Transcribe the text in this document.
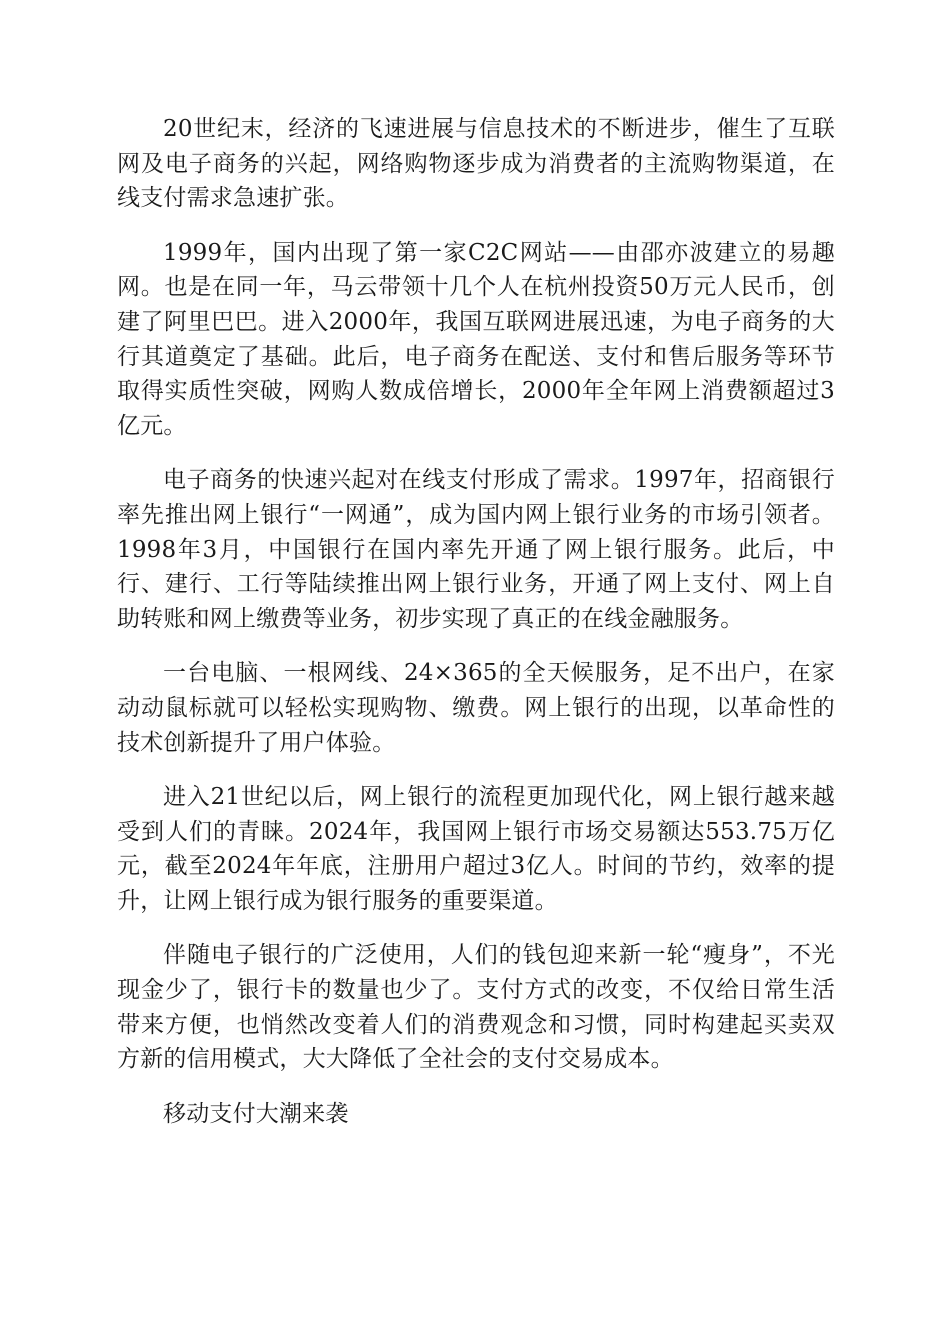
20世纪末，经济的飞速进展与信息技术的不断进步，催生了互联网及电子商务的兴起，网络购物逐步成为消费者的主流购物渠道，在线支付需求急速扩张。

1999年，国内出现了第一家C2C网站——由邵亦波建立的易趣网。也是在同一年，马云带领十几个人在杭州投资50万元人民币，创建了阿里巴巴。进入2000年，我国互联网进展迅速，为电子商务的大行其道奠定了基础。此后，电子商务在配送、支付和售后服务等环节取得实质性突破，网购人数成倍增长，2000年全年网上消费额超过3亿元。

电子商务的快速兴起对在线支付形成了需求。1997年，招商银行率先推出网上银行“一网通”，成为国内网上银行业务的市场引领者。1998年3月，中国银行在国内率先开通了网上银行服务。此后，中行、建行、工行等陆续推出网上银行业务，开通了网上支付、网上自助转账和网上缴费等业务，初步实现了真正的在线金融服务。

一台电脑、一根网线、24×365的全天候服务，足不出户，在家动动鼠标就可以轻松实现购物、缴费。网上银行的出现，以革命性的技术创新提升了用户体验。

进入21世纪以后，网上银行的流程更加现代化，网上银行越来越受到人们的青睐。2024年，我国网上银行市场交易额达553.75万亿元，截至2024年年底，注册用户超过3亿人。时间的节约，效率的提升，让网上银行成为银行服务的重要渠道。

伴随电子银行的广泛使用，人们的钱包迎来新一轮“瘦身”，不光现金少了，银行卡的数量也少了。支付方式的改变，不仅给日常生活带来方便，也悄然改变着人们的消费观念和习惯，同时构建起买卖双方新的信用模式，大大降低了全社会的支付交易成本。

移动支付大潮来袭
